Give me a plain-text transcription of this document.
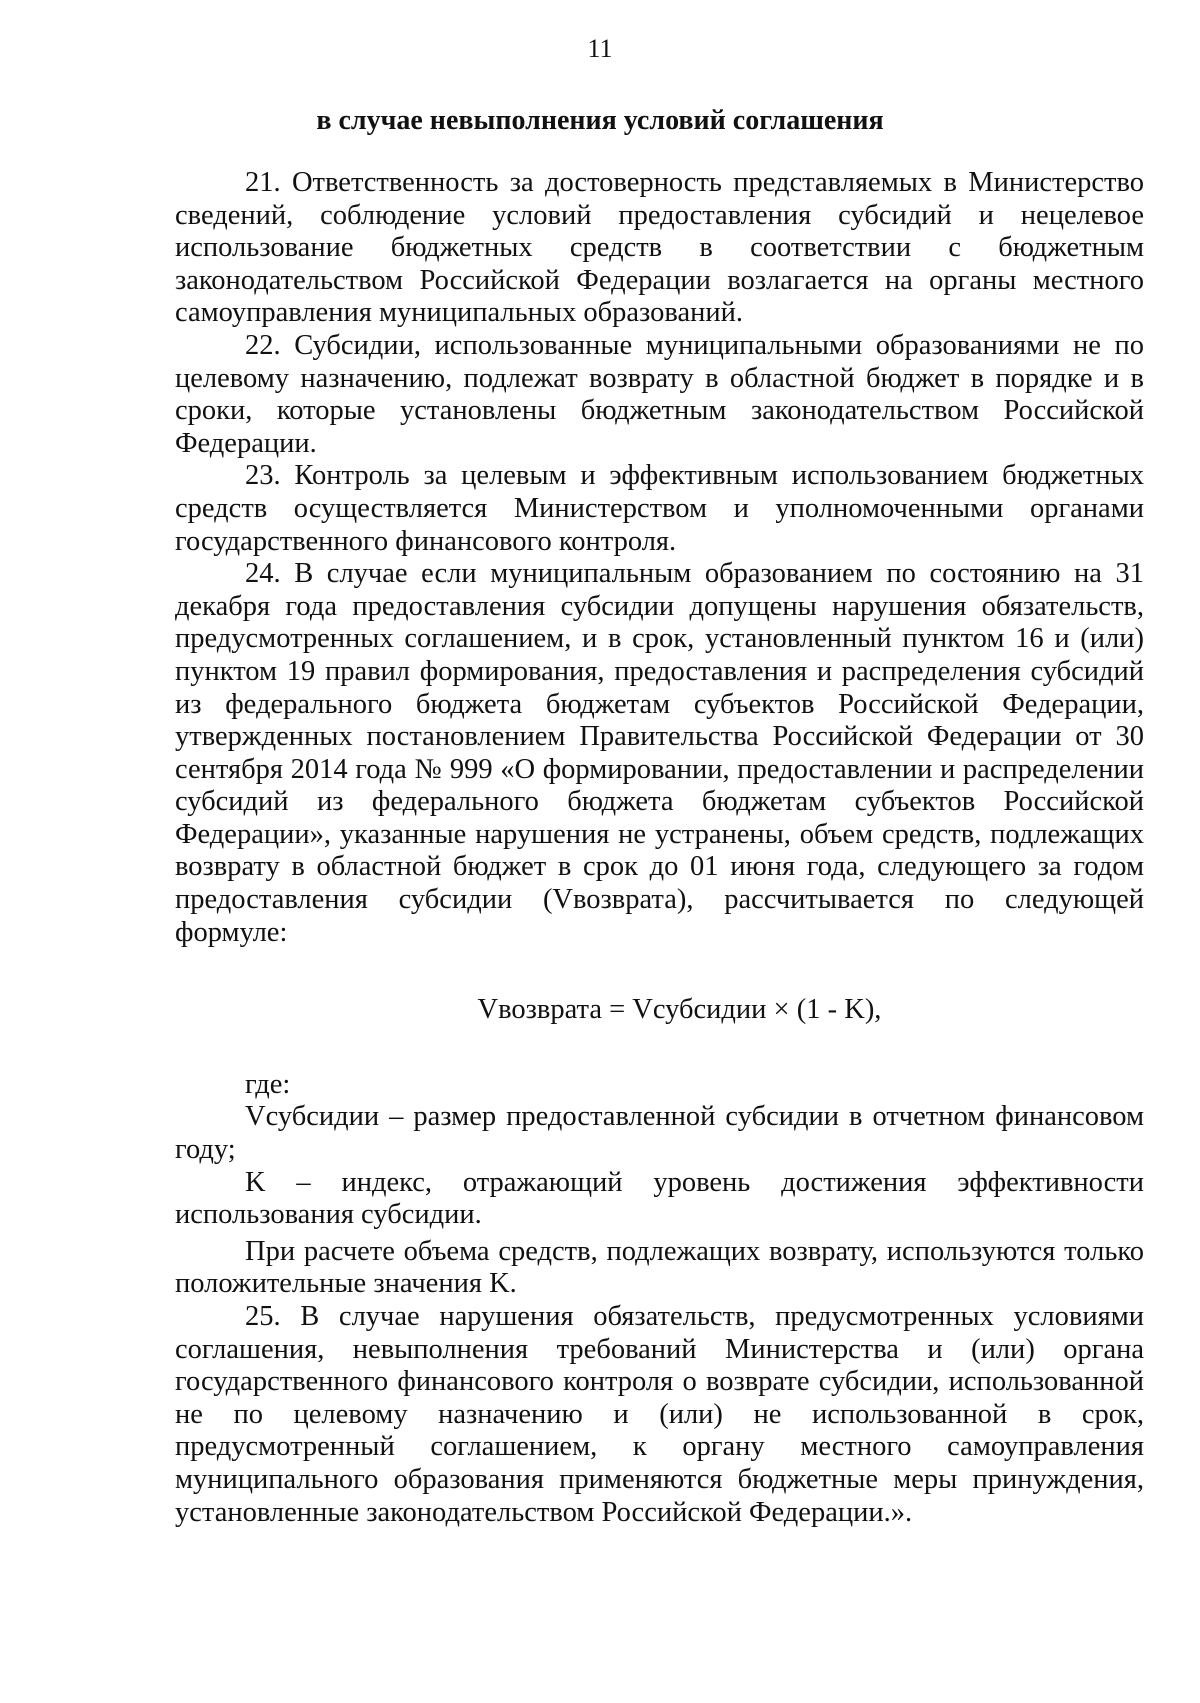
11
в случае невыполнения условий соглашения

21. Ответственность за достоверность представляемых в Министерство сведений, соблюдение условий предоставления субсидий и нецелевое использование бюджетных средств в соответствии с бюджетным законодательством Российской Федерации возлагается на органы местного самоуправления муниципальных образований.

22. Субсидии, использованные муниципальными образованиями не по целевому назначению, подлежат возврату в областной бюджет в порядке и в сроки, которые установлены бюджетным законодательством Российской Федерации.

23. Контроль за целевым и эффективным использованием бюджетных средств осуществляется Министерством и уполномоченными органами государственного финансового контроля.

24. В случае если муниципальным образованием по состоянию на 31 декабря года предоставления субсидии допущены нарушения обязательств, предусмотренных соглашением, и в срок, установленный пунктом 16 и (или) пунктом 19 правил формирования, предоставления и распределения субсидий из федерального бюджета бюджетам субъектов Российской Федерации, утвержденных постановлением Правительства Российской Федерации от 30 сентября 2014 года № 999 «О формировании, предоставлении и распределении субсидий из федерального бюджета бюджетам субъектов Российской Федерации», указанные нарушения не устранены, объем средств, подлежащих возврату в областной бюджет в срок до 01 июня года, следующего за годом предоставления субсидии (Vвозврата), рассчитывается по следующей формуле:

Vвозврата = Vсубсидии × (1 - K),

где:

Vсубсидии – размер предоставленной субсидии в отчетном финансовом году;

K – индекс, отражающий уровень достижения эффективности использования субсидии.

При расчете объема средств, подлежащих возврату, используются только положительные значения K.

25. В случае нарушения обязательств, предусмотренных условиями соглашения, невыполнения требований Министерства и (или) органа государственного финансового контроля о возврате субсидии, использованной не по целевому назначению и (или) не использованной в срок, предусмотренный соглашением, к органу местного самоуправления муниципального образования применяются бюджетные меры принуждения, установленные законодательством Российской Федерации.».
